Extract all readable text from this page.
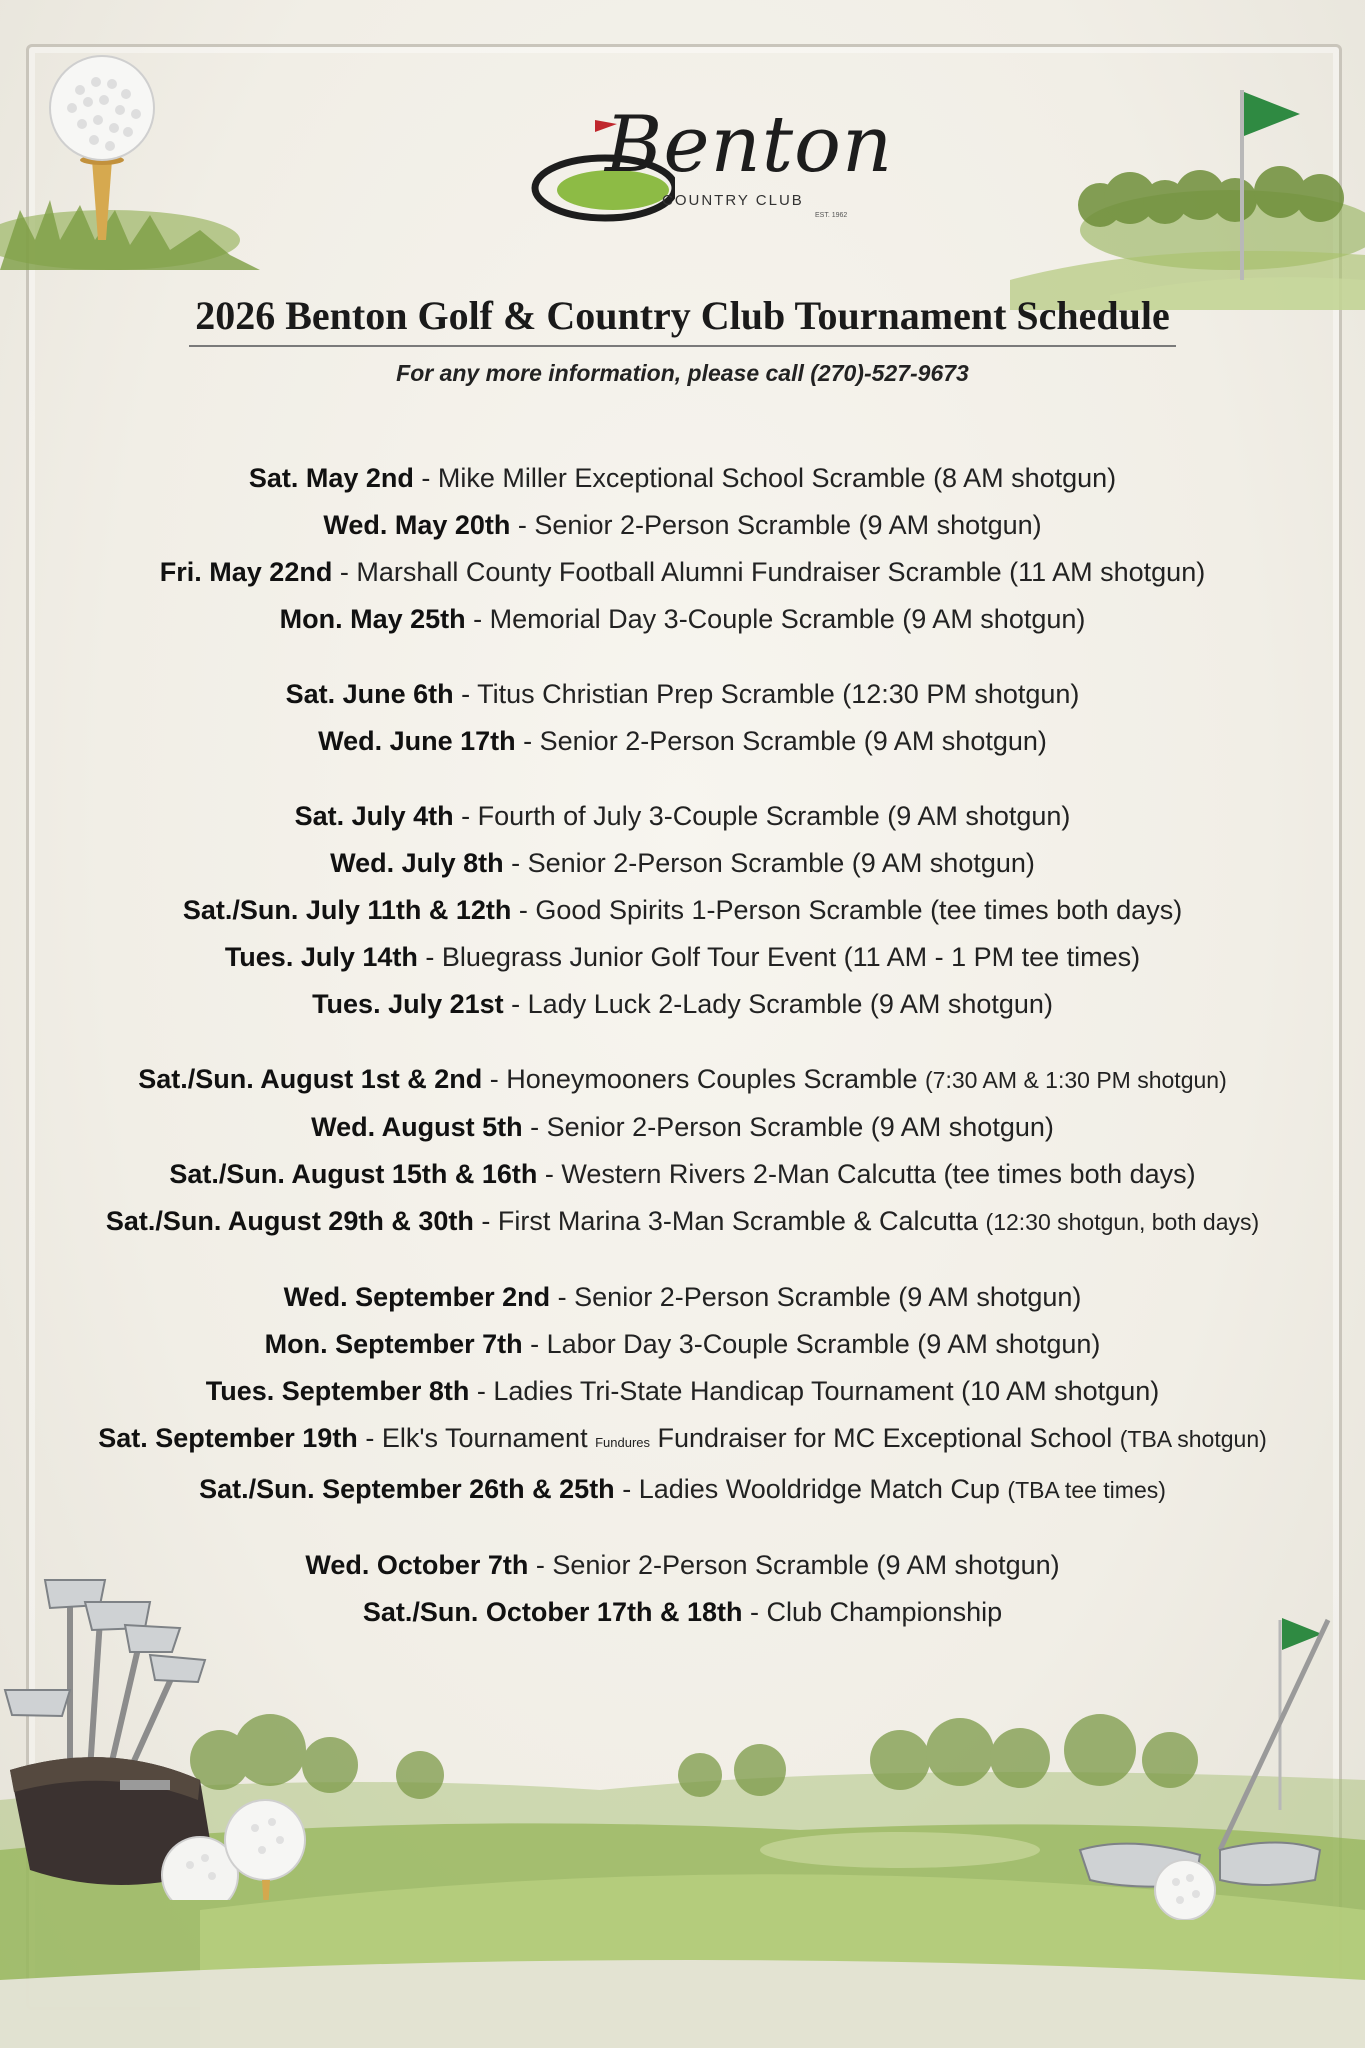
Benton
COUNTRY CLUB
EST. 1962
2026 Benton Golf & Country Club Tournament Schedule
For any more information, please call (270)-527-9673
Sat. May 2nd - Mike Miller Exceptional School Scramble (8 AM shotgun)
Wed. May 20th - Senior 2-Person Scramble (9 AM shotgun)
Fri. May 22nd - Marshall County Football Alumni Fundraiser Scramble (11 AM shotgun)
Mon. May 25th - Memorial Day 3-Couple Scramble (9 AM shotgun)
Sat. June 6th - Titus Christian Prep Scramble (12:30 PM shotgun)
Wed. June 17th - Senior 2-Person Scramble (9 AM shotgun)
Sat. July 4th - Fourth of July 3-Couple Scramble (9 AM shotgun)
Wed. July 8th - Senior 2-Person Scramble (9 AM shotgun)
Sat./Sun. July 11th & 12th - Good Spirits 1-Person Scramble (tee times both days)
Tues. July 14th - Bluegrass Junior Golf Tour Event (11 AM - 1 PM tee times)
Tues. July 21st - Lady Luck 2-Lady Scramble (9 AM shotgun)
Sat./Sun. August 1st & 2nd - Honeymooners Couples Scramble (7:30 AM & 1:30 PM shotgun)
Wed. August 5th - Senior 2-Person Scramble (9 AM shotgun)
Sat./Sun. August 15th & 16th - Western Rivers 2-Man Calcutta (tee times both days)
Sat./Sun. August 29th & 30th - First Marina 3-Man Scramble & Calcutta (12:30 shotgun, both days)
Wed. September 2nd - Senior 2-Person Scramble (9 AM shotgun)
Mon. September 7th - Labor Day 3-Couple Scramble (9 AM shotgun)
Tues. September 8th - Ladies Tri-State Handicap Tournament (10 AM shotgun)
Sat. September 19th - Elk's Tournament Fundures Fundraiser for MC Exceptional School (TBA shotgun)
Sat./Sun. September 26th & 25th - Ladies Wooldridge Match Cup (TBA tee times)
Wed. October 7th - Senior 2-Person Scramble (9 AM shotgun)
Sat./Sun. October 17th & 18th - Club Championship
